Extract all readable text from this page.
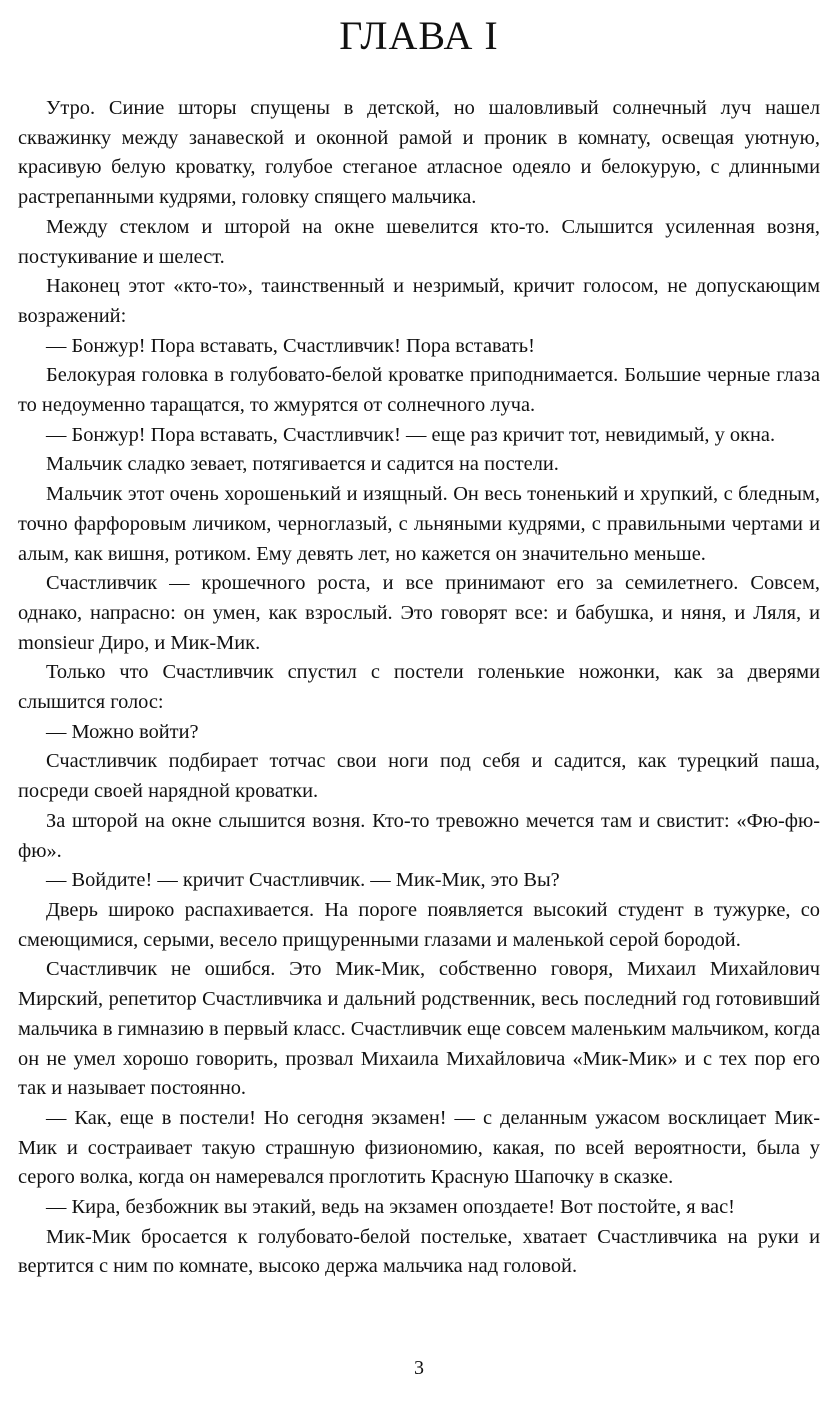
ГЛАВА I

Утро. Синие шторы спущены в детской, но шаловливый солнечный луч нашел скважинку между занавеской и оконной рамой и проник в комнату, освещая уютную, красивую белую кроватку, голубое стеганое атласное одеяло и белокурую, с длинными растрепанными кудрями, головку спящего мальчика.

Между стеклом и шторой на окне шевелится кто-то. Слышится усиленная возня, постукивание и шелест.

Наконец этот «кто-то», таинственный и незримый, кричит голосом, не допускающим возражений:

— Бонжур! Пора вставать, Счастливчик! Пора вставать!

Белокурая головка в голубовато-белой кроватке приподнимается. Большие черные глаза то недоуменно таращатся, то жмурятся от солнечного луча.

— Бонжур! Пора вставать, Счастливчик! — еще раз кричит тот, невидимый, у окна.

Мальчик сладко зевает, потягивается и садится на постели.

Мальчик этот очень хорошенький и изящный. Он весь тоненький и хрупкий, с бледным, точно фарфоровым личиком, черноглазый, с льняными кудрями, с правильными чертами и алым, как вишня, ротиком. Ему девять лет, но кажется он значительно меньше.

Счастливчик — крошечного роста, и все принимают его за семилетнего. Совсем, однако, напрасно: он умен, как взрослый. Это говорят все: и бабушка, и няня, и Ляля, и monsieur Диро, и Мик-Мик.

Только что Счастливчик спустил с постели голенькие ножонки, как за дверями слышится голос:

— Можно войти?

Счастливчик подбирает тотчас свои ноги под себя и садится, как турецкий паша, посреди своей нарядной кроватки.

За шторой на окне слышится возня. Кто-то тревожно мечется там и свистит: «Фю-фю-фю».

— Войдите! — кричит Счастливчик. — Мик-Мик, это Вы?

Дверь широко распахивается. На пороге появляется высокий студент в тужурке, со смеющимися, серыми, весело прищуренными глазами и маленькой серой бородой.

Счастливчик не ошибся. Это Мик-Мик, собственно говоря, Михаил Михайлович Мирский, репетитор Счастливчика и дальний родственник, весь последний год готовивший мальчика в гимназию в первый класс. Счастливчик еще совсем маленьким мальчиком, когда он не умел хорошо говорить, прозвал Михаила Михайловича «Мик-Мик» и с тех пор его так и называет постоянно.

— Как, еще в постели! Но сегодня экзамен! — с деланным ужасом восклицает Мик-Мик и состраивает такую страшную физиономию, какая, по всей вероятности, была у серого волка, когда он намеревался проглотить Красную Шапочку в сказке.

— Кира, безбожник вы этакий, ведь на экзамен опоздаете! Вот постойте, я вас!

Мик-Мик бросается к голубовато-белой постельке, хватает Счастливчика на руки и вертится с ним по комнате, высоко держа мальчика над головой.

3
